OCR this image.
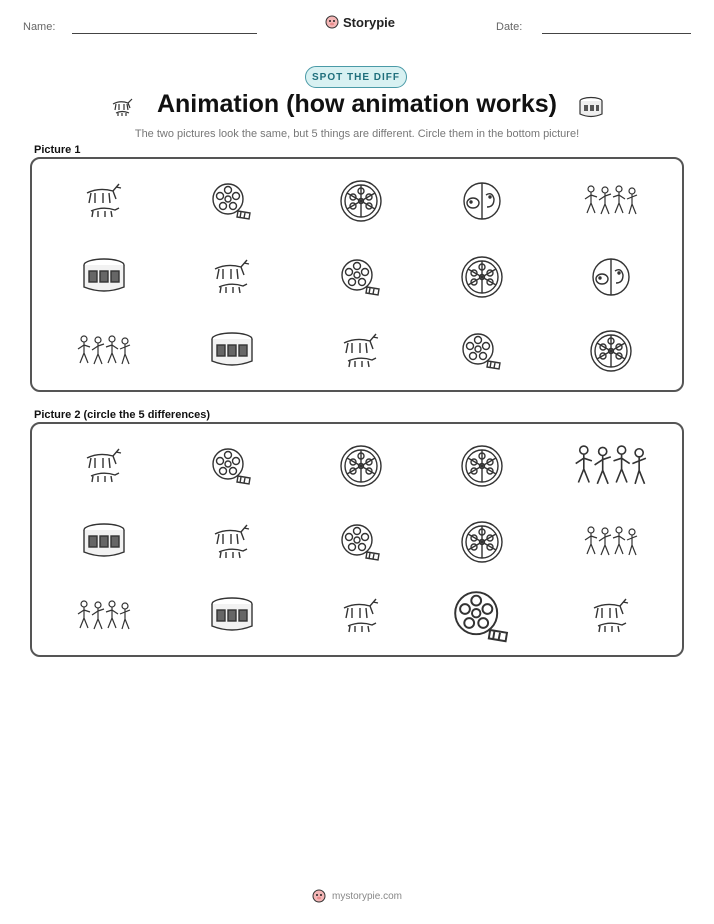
Name:	Storypie	Date:
SPOT THE DIFF
Animation (how animation works)
The two pictures look the same, but 5 things are different. Circle them in the bottom picture!
Picture 1
Picture 2 (circle the 5 differences)
mystorypie.com
